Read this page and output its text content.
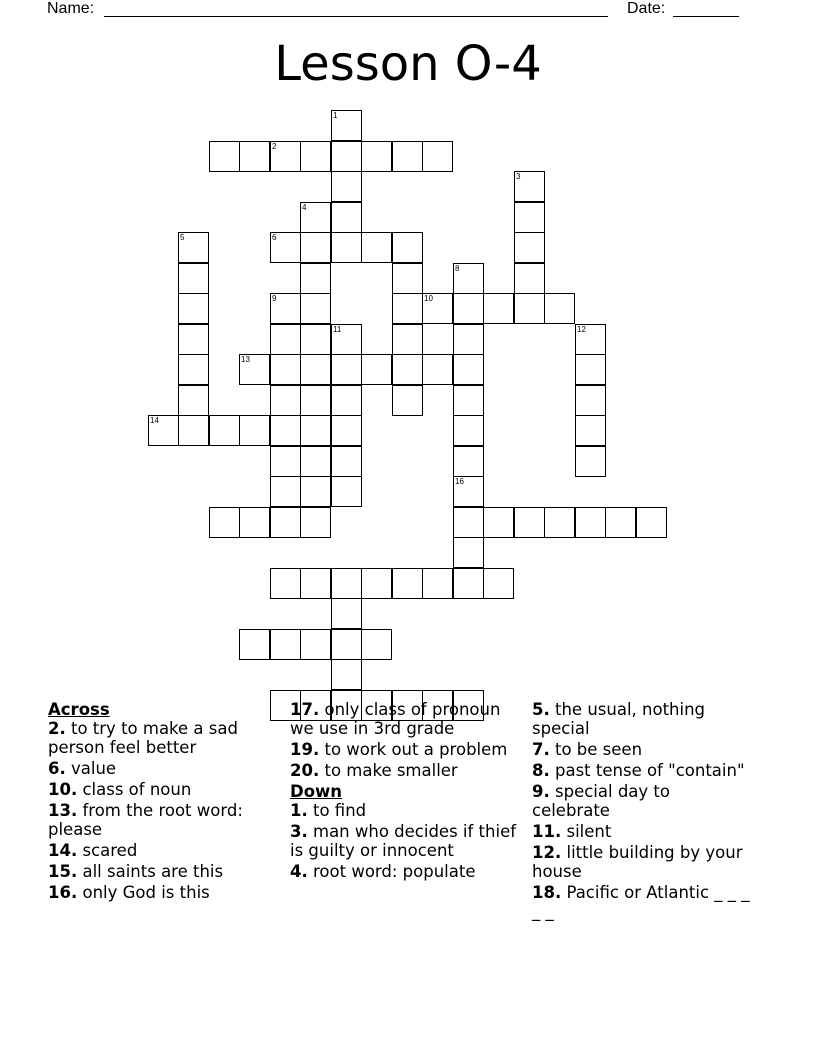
Name:	Date:
Lesson O-4
1
2
3
4
5	6
8
16
10
9
11	12
13
14
Across
2. to try to make a sad person feel better
6. value
10. class of noun
13. from the root word: please
14. scared
15. all saints are this
16. only God is this
17. only class of pronoun we use in 3rd grade
19. to work out a problem
20. to make smaller
Down
1. to find
3. man who decides if thief is guilty or innocent
4. root word: populate
5. the usual, nothing special
7. to be seen
8. past tense of "contain"
9. special day to celebrate
11. silent
12. little building by your house
18. Pacific or Atlantic _ _ _ _ _
